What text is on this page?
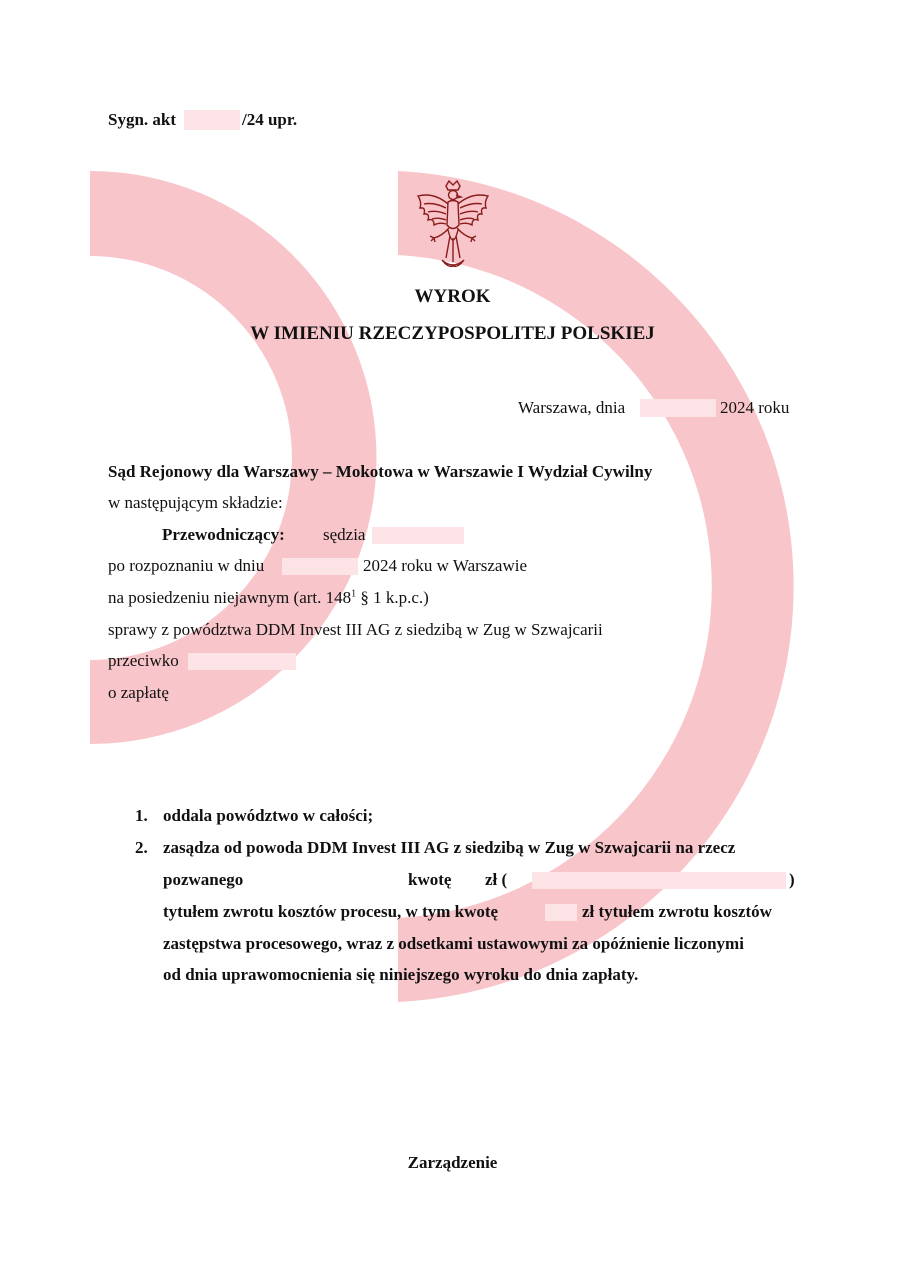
Sygn. akt	/24 upr.
WYROK
W IMIENIU RZECZYPOSPOLITEJ POLSKIEJ
Warszawa, dnia	2024 roku
Sąd Rejonowy dla Warszawy – Mokotowa w Warszawie I Wydział Cywilny
w następującym składzie:
Przewodniczący: sędzia
po rozpoznaniu w dniu	2024 roku w Warszawie
na posiedzeniu niejawnym (art. $148^1$ § 1 k.p.c.)
sprawy z powództwa DDM Invest III AG z siedzibą w Zug w Szwajcarii
przeciwko
o zapłatę
1. oddala powództwo w całości;
2. zasądza od powoda DDM Invest III AG z siedzibą w Zug w Szwajcarii na rzecz
pozwanego	kwotę zł (	)
tytułem zwrotu kosztów procesu, w tym kwotę	zł tytułem zwrotu kosztów
zastępstwa procesowego, wraz z odsetkami ustawowymi za opóźnienie liczonymi
od dnia uprawomocnienia się niniejszego wyroku do dnia zapłaty.
Zarządzenie
